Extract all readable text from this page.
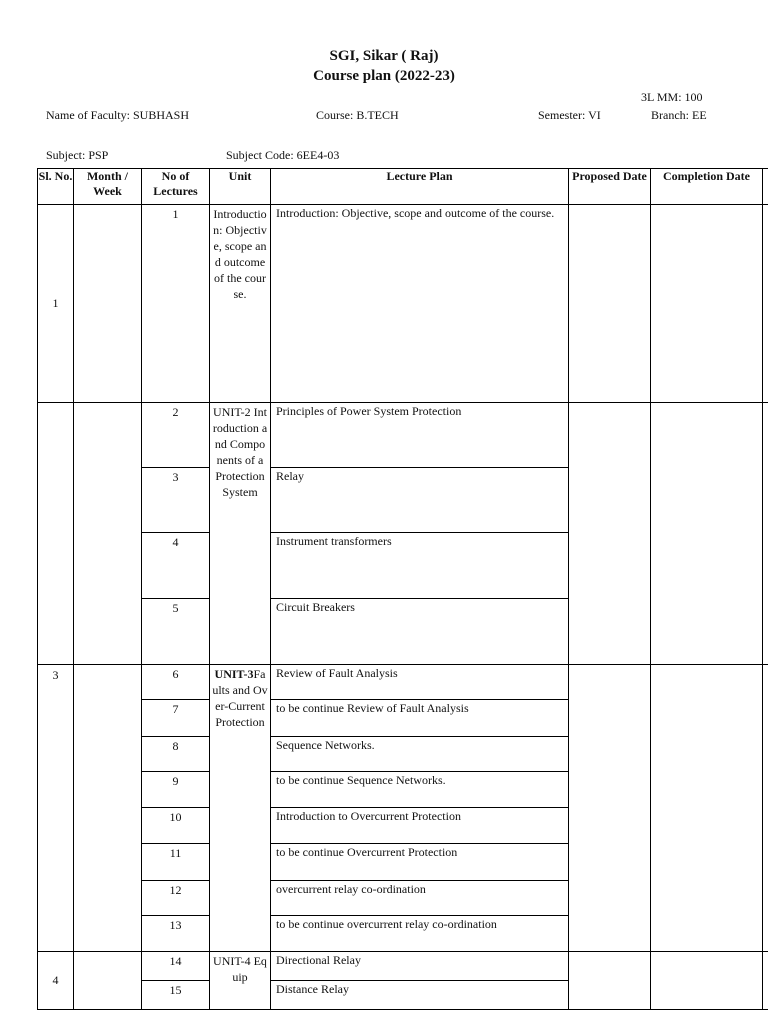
SGI, Sikar ( Raj)
Course plan (2022-23)
3L MM: 100
Name of Faculty: SUBHASH	Course: B.TECH	Semester: VI	Branch: EE
Subject: PSP	Subject Code: 6EE4-03
Sl. No.	Month / Week	No of Lectures	Unit	Lecture Plan	Proposed Date	Completion Date	
1		1	Introduction: Objective, scope and outcome of the course.	Introduction: Objective, scope and outcome of the course.			
		2	UNIT-2 Introduction and Components of a Protection System	Principles of Power System Protection			
		3		Relay			
		4		Instrument transformers			
		5		Circuit Breakers			
3		6	UNIT-3Faults and Over-Current Protection	Review of Fault Analysis			
		7		to be continue Review of Fault Analysis			
		8		Sequence Networks.			
		9		to be continue Sequence Networks.			
		10		Introduction to Overcurrent Protection			
		11		to be continue Overcurrent Protection			
		12		overcurrent relay co-ordination			
		13		to be continue overcurrent relay co-ordination			
4		14	UNIT-4 Equip	Directional Relay			
		15		Distance Relay			
